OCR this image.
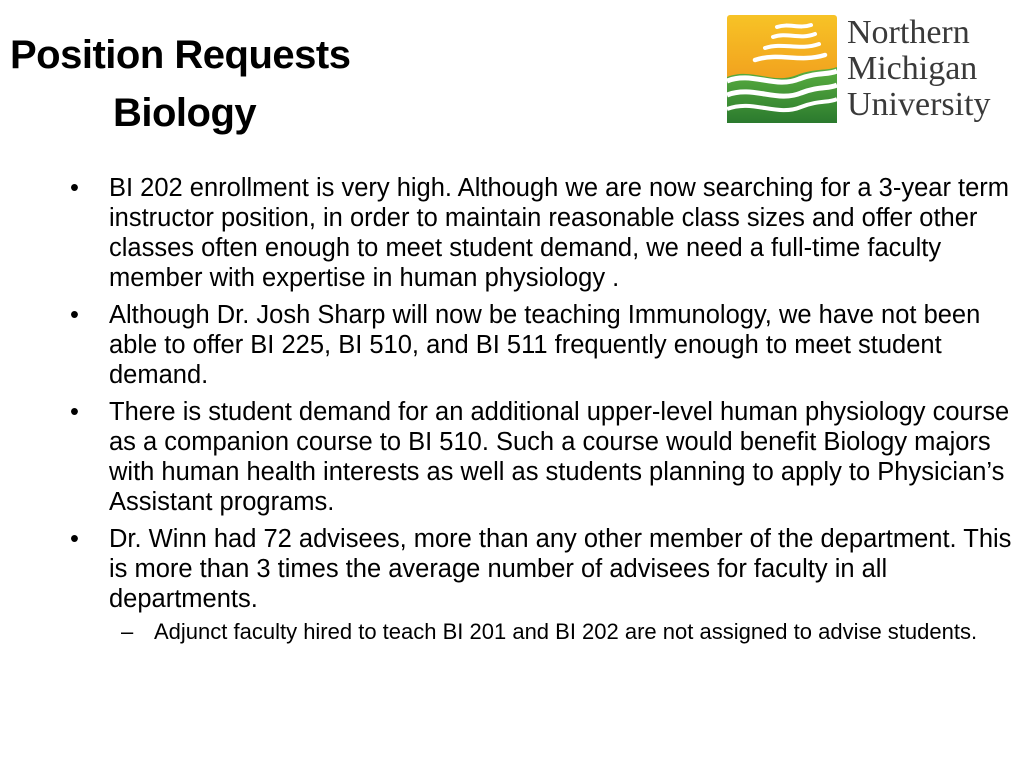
Position Requests
Biology
Northern
Michigan
University
• BI 202 enrollment is very high. Although we are now searching for a 3-year term instructor position, in order to maintain reasonable class sizes and offer other classes often enough to meet student demand, we need a full-time faculty member with expertise in human physiology .
• Although Dr. Josh Sharp will now be teaching Immunology, we have not been able to offer BI 225, BI 510, and BI 511 frequently enough to meet student demand.
• There is student demand for an additional upper-level human physiology course as a companion course to BI 510. Such a course would benefit Biology majors with human health interests as well as students planning to apply to Physician’s Assistant programs.
• Dr. Winn had 72 advisees, more than any other member of the department. This is more than 3 times the average number of advisees for faculty in all departments.
– Adjunct faculty hired to teach BI 201 and BI 202 are not assigned to advise students.
